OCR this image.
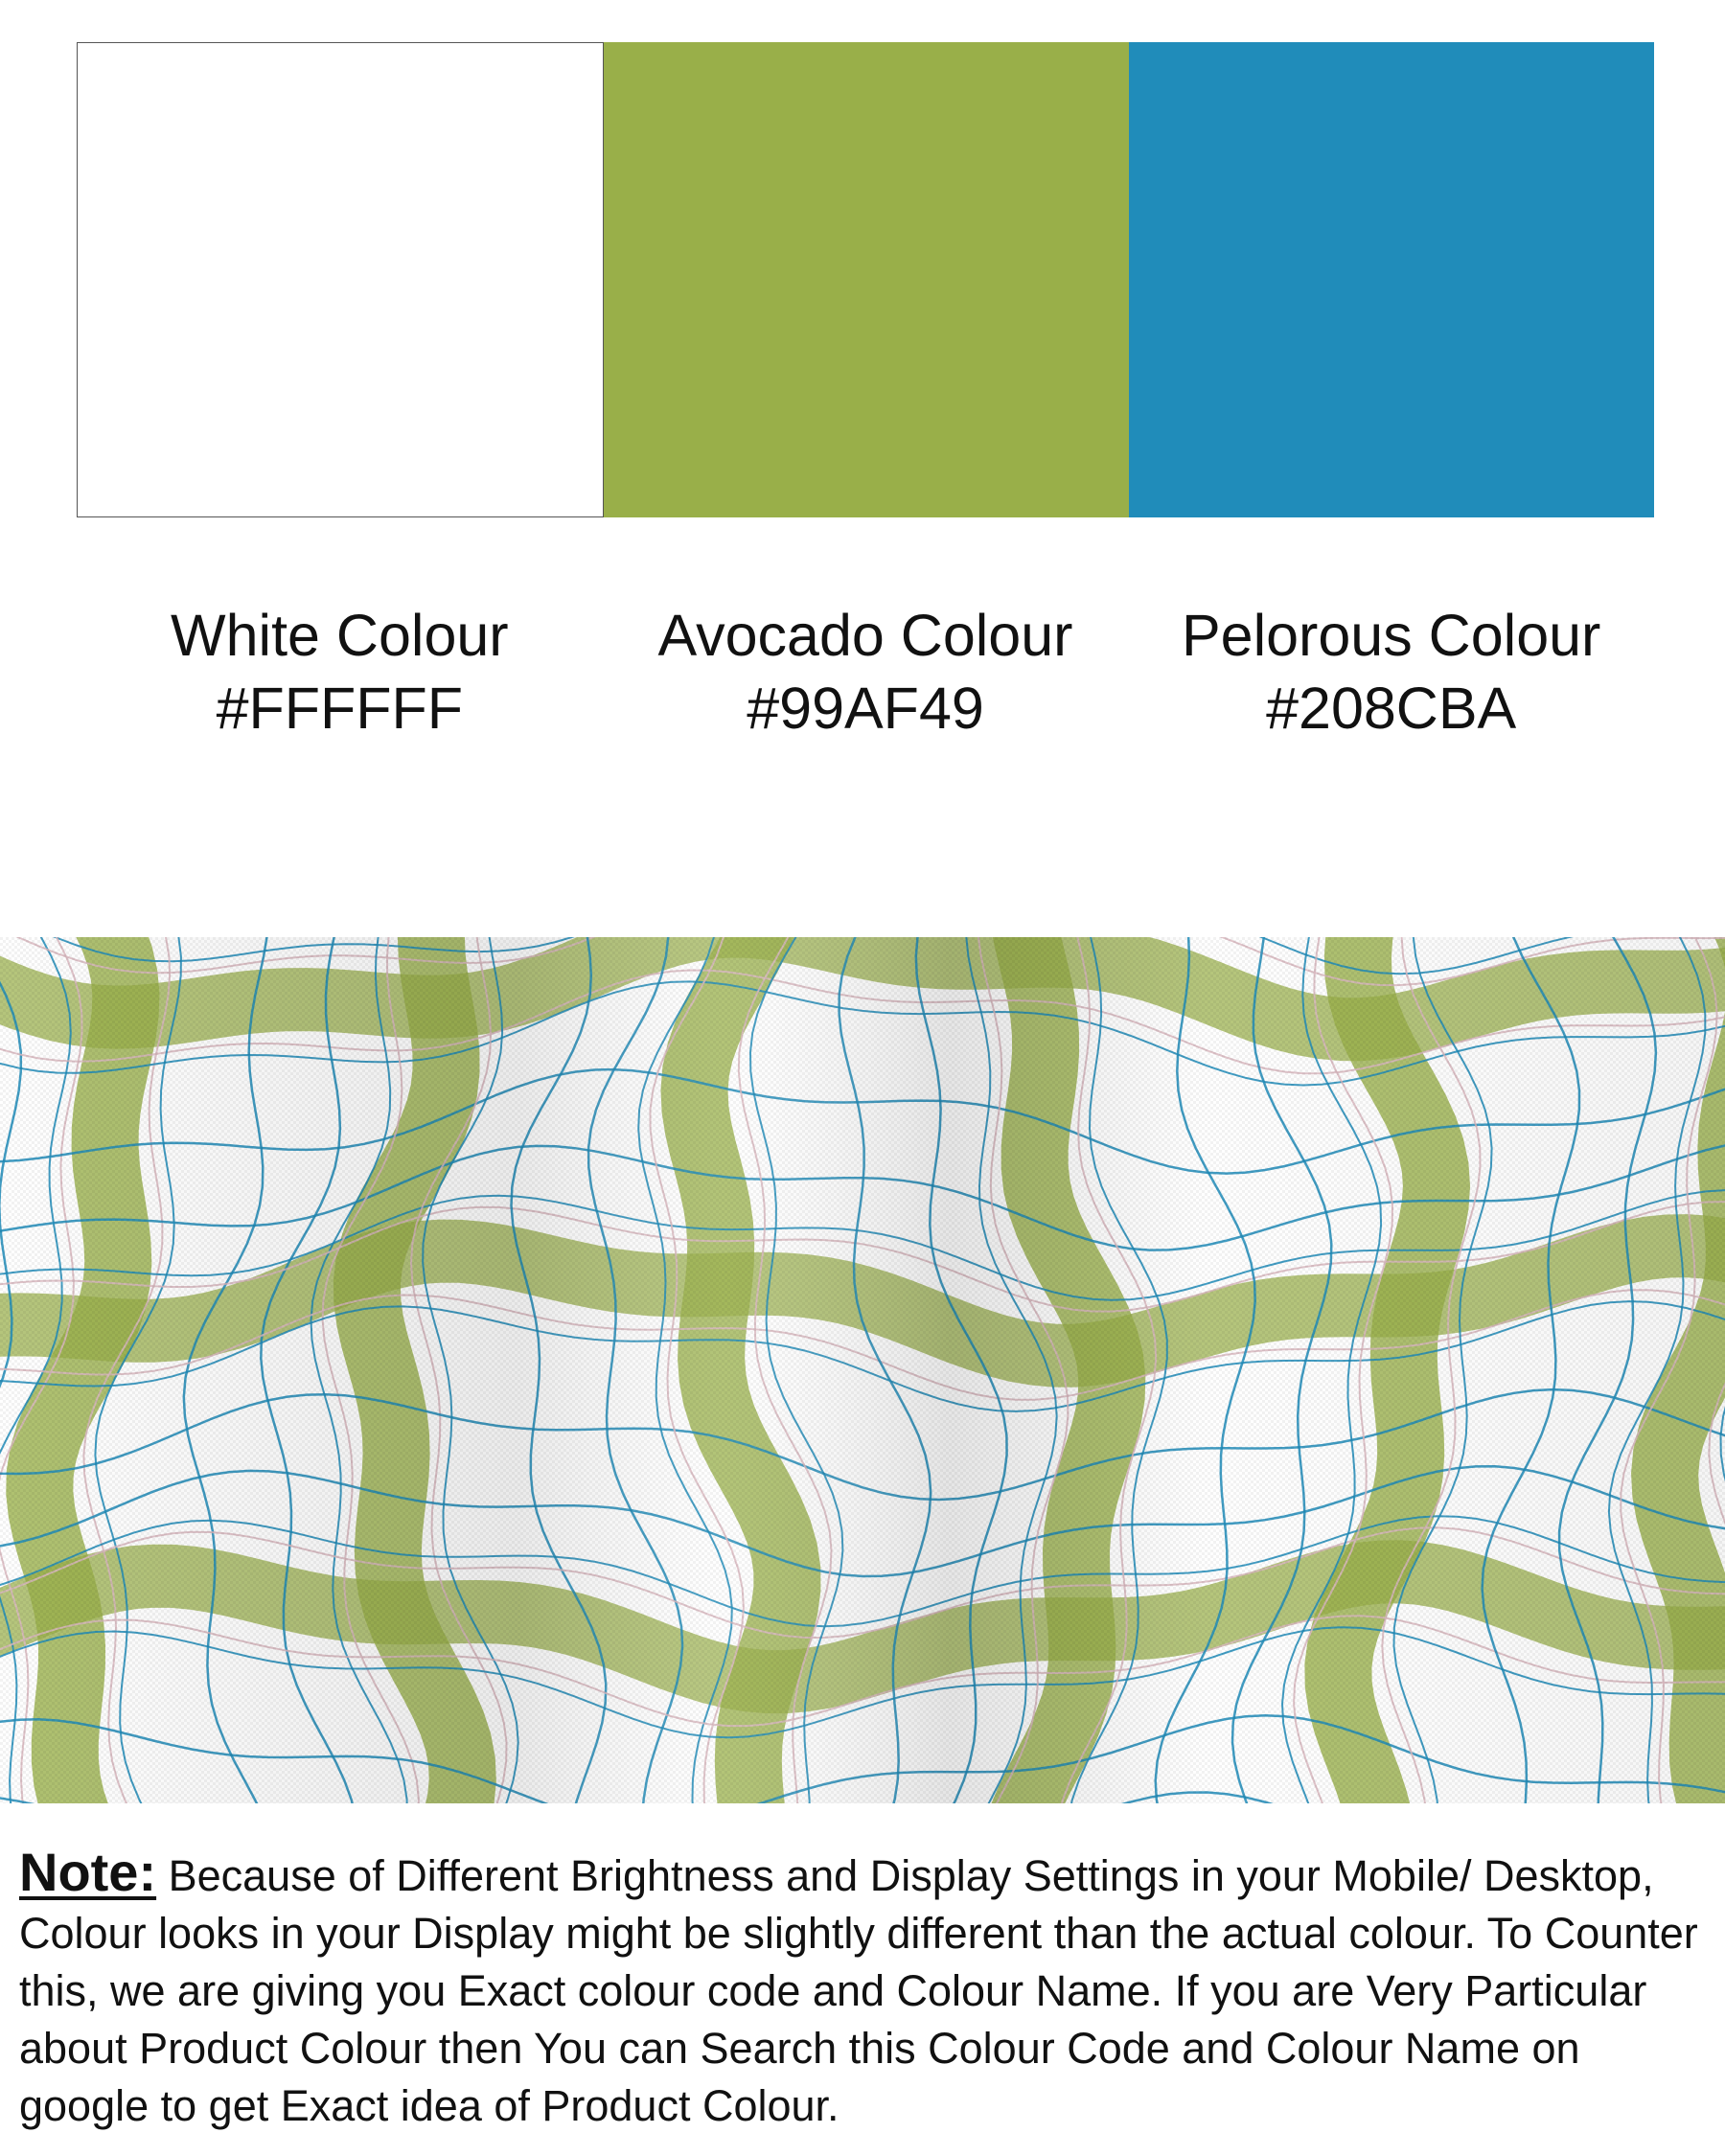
White Colour
#FFFFFF
Avocado Colour
#99AF49
Pelorous Colour
#208CBA
Note: Because of Different Brightness and Display Settings in your Mobile/ Desktop, Colour looks in your Display might be slightly different than the actual colour. To Counter this, we are giving you Exact colour code and Colour Name. If you are Very Particular about Product Colour then You can Search this Colour Code and Colour Name on google to get Exact idea of Product Colour.
